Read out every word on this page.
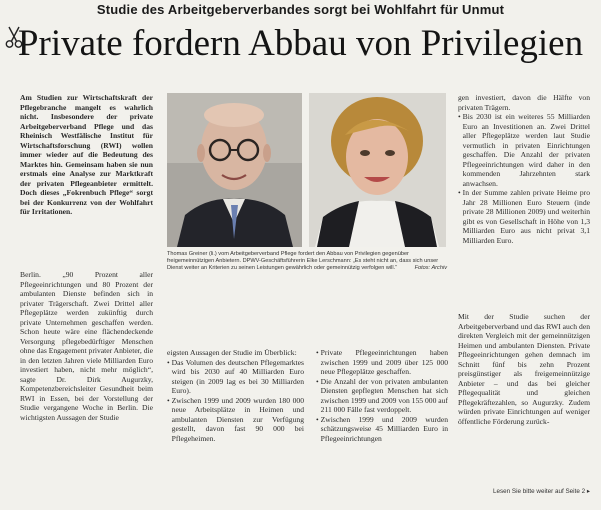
Studie des Arbeitgeberverbandes sorgt bei Wohlfahrt für Unmut
Private fordern Abbau von Privilegien

Am Studien zur Wirtschaftskraft der Pflegebranche mangelt es wahrlich nicht. Insbesondere der private Arbeitgeberverband Pflege und das Rheinisch Westfälische Institut für Wirtschaftsforschung (RWI) wollen immer wieder auf die Bedeutung des Marktes hin. Gemeinsam haben sie nun erstmals eine Analyse zur Marktkraft der privaten Pflegeanbieter ermittelt. Doch dieses „Fokrenbuch Pflege“ sorgt bei der Konkurrenz von der Wohlfahrt für Irritationen.

Berlin. „90 Prozent aller Pflegeeinrichtungen und 80 Prozent der ambulanten Dienste befinden sich in privater Trägerschaft. Zwei Drittel aller Pflegeplätze werden zukünftig durch private Unternehmen geschaffen werden. Schon heute wäre eine flächendeckende Versorgung pflegebedürftiger Menschen ohne das Engagement privater Anbieter, die in den letzten Jahren viele Milliarden Euro investiert haben, nicht mehr möglich“, sagte Dr. Dirk Augurzky, Kompetenzbereichsleiter Gesundheit beim RWI in Essen, bei der Vorstellung der Studie vergangene Woche in Berlin. Die wichtigsten Aussagen der Studie

Thomas Greiner (li.) vom Arbeitgeberverband Pflege fordert den Abbau von Privilegien gegenüber freigemeinnützigen Anbietern. DPWV-Geschäftsführerin Elke Lerschmann: „Es steht nicht an, dass sich unser Dienst weiter an Kriterien zu seinen Leistungen gewährlich oder gemeinnützig verfolgen will.“	Fotos: Archiv

eigsten Aussagen der Studie im Überblick:

• Das Volumen des deutschen Pflegemarktes wird bis 2030 auf 40 Milliarden Euro steigen (in 2009 lag es bei 30 Milliarden Euro).
• Zwischen 1999 und 2009 wurden 180 000 neue Arbeitsplätze in Heimen und ambulanten Diensten zur Verfügung gestellt, davon fast 90 000 bei Pflegeheimen.
• Private Pflegeeinrichtungen haben zwischen 1999 und 2009 über 125 000 neue Pflegeplätze geschaffen.
• Die Anzahl der von privaten ambulanten Diensten gepflegten Menschen hat sich zwischen 1999 und 2009 von 155 000 auf 211 000 Fälle fast verdoppelt.
• Zwischen 1999 und 2009 wurden schätzungsweise 45 Milliarden Euro in Pflegeeinrichtungen

gen investiert, davon die Hälfte von privaten Trägern.

• Bis 2030 ist ein weiteres 55 Milliarden Euro an Investitionen an. Zwei Drittel aller Pflegeplätze werden laut Studie vermutlich in privaten Einrichtungen geschaffen. Die Anzahl der privaten Pflegeeinrichtungen wird daher in den kommenden Jahrzehnten stark anwachsen.
• In der Summe zahlen private Heime pro Jahr 28 Millionen Euro Steuern (inde private 28 Millionen 2009) und weiterhin gibt es von Gesellschaft in Höhe von 1,3 Milliarden Euro aus nicht privat 3,1 Milliarden Euro.

Mit der Studie suchen der Arbeitgeberverband und das RWI auch den direkten Vergleich mit der gemeinnützigen Heimen und ambulanten Diensten. Private Pflegeeinrichtungen gehen demnach im Schnitt fünf bis zehn Prozent preisgünstiger als freigemeinnützige Anbieter – und das bei gleicher Pflegequalität und gleichen Pflegekräftezahlen, so Augurzky. Zudem würden private Einrichtungen auf weniger öffentliche Förderung zurück-

Lesen Sie bitte weiter auf Seite 2 ▸
